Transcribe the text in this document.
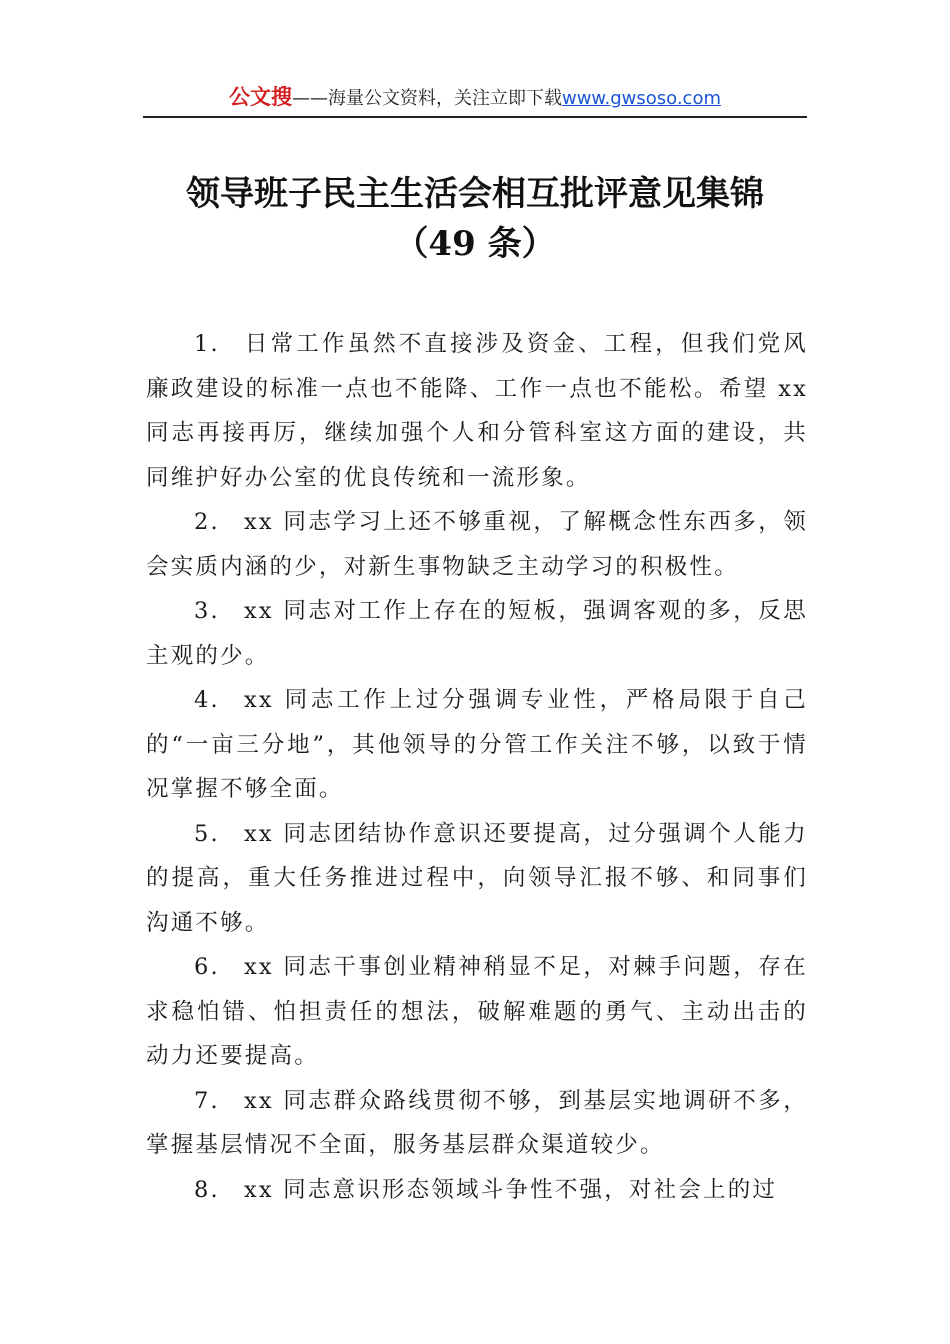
公文搜——海量公文资料，关注立即下载www.gwsoso.com
领导班子民主生活会相互批评意见集锦
（49 条）

1. 日常工作虽然不直接涉及资金、工程，但我们党风廉政建设的标准一点也不能降、工作一点也不能松。希望 xx 同志再接再厉，继续加强个人和分管科室这方面的建设，共同维护好办公室的优良传统和一流形象。

2. xx 同志学习上还不够重视，了解概念性东西多，领会实质内涵的少，对新生事物缺乏主动学习的积极性。

3. xx 同志对工作上存在的短板，强调客观的多，反思主观的少。

4. xx 同志工作上过分强调专业性，严格局限于自己的“一亩三分地”，其他领导的分管工作关注不够，以致于情况掌握不够全面。

5. xx 同志团结协作意识还要提高，过分强调个人能力的提高，重大任务推进过程中，向领导汇报不够、和同事们沟通不够。

6. xx 同志干事创业精神稍显不足，对棘手问题，存在求稳怕错、怕担责任的想法，破解难题的勇气、主动出击的动力还要提高。

7. xx 同志群众路线贯彻不够，到基层实地调研不多，掌握基层情况不全面，服务基层群众渠道较少。

8. xx 同志意识形态领域斗争性不强，对社会上的过
